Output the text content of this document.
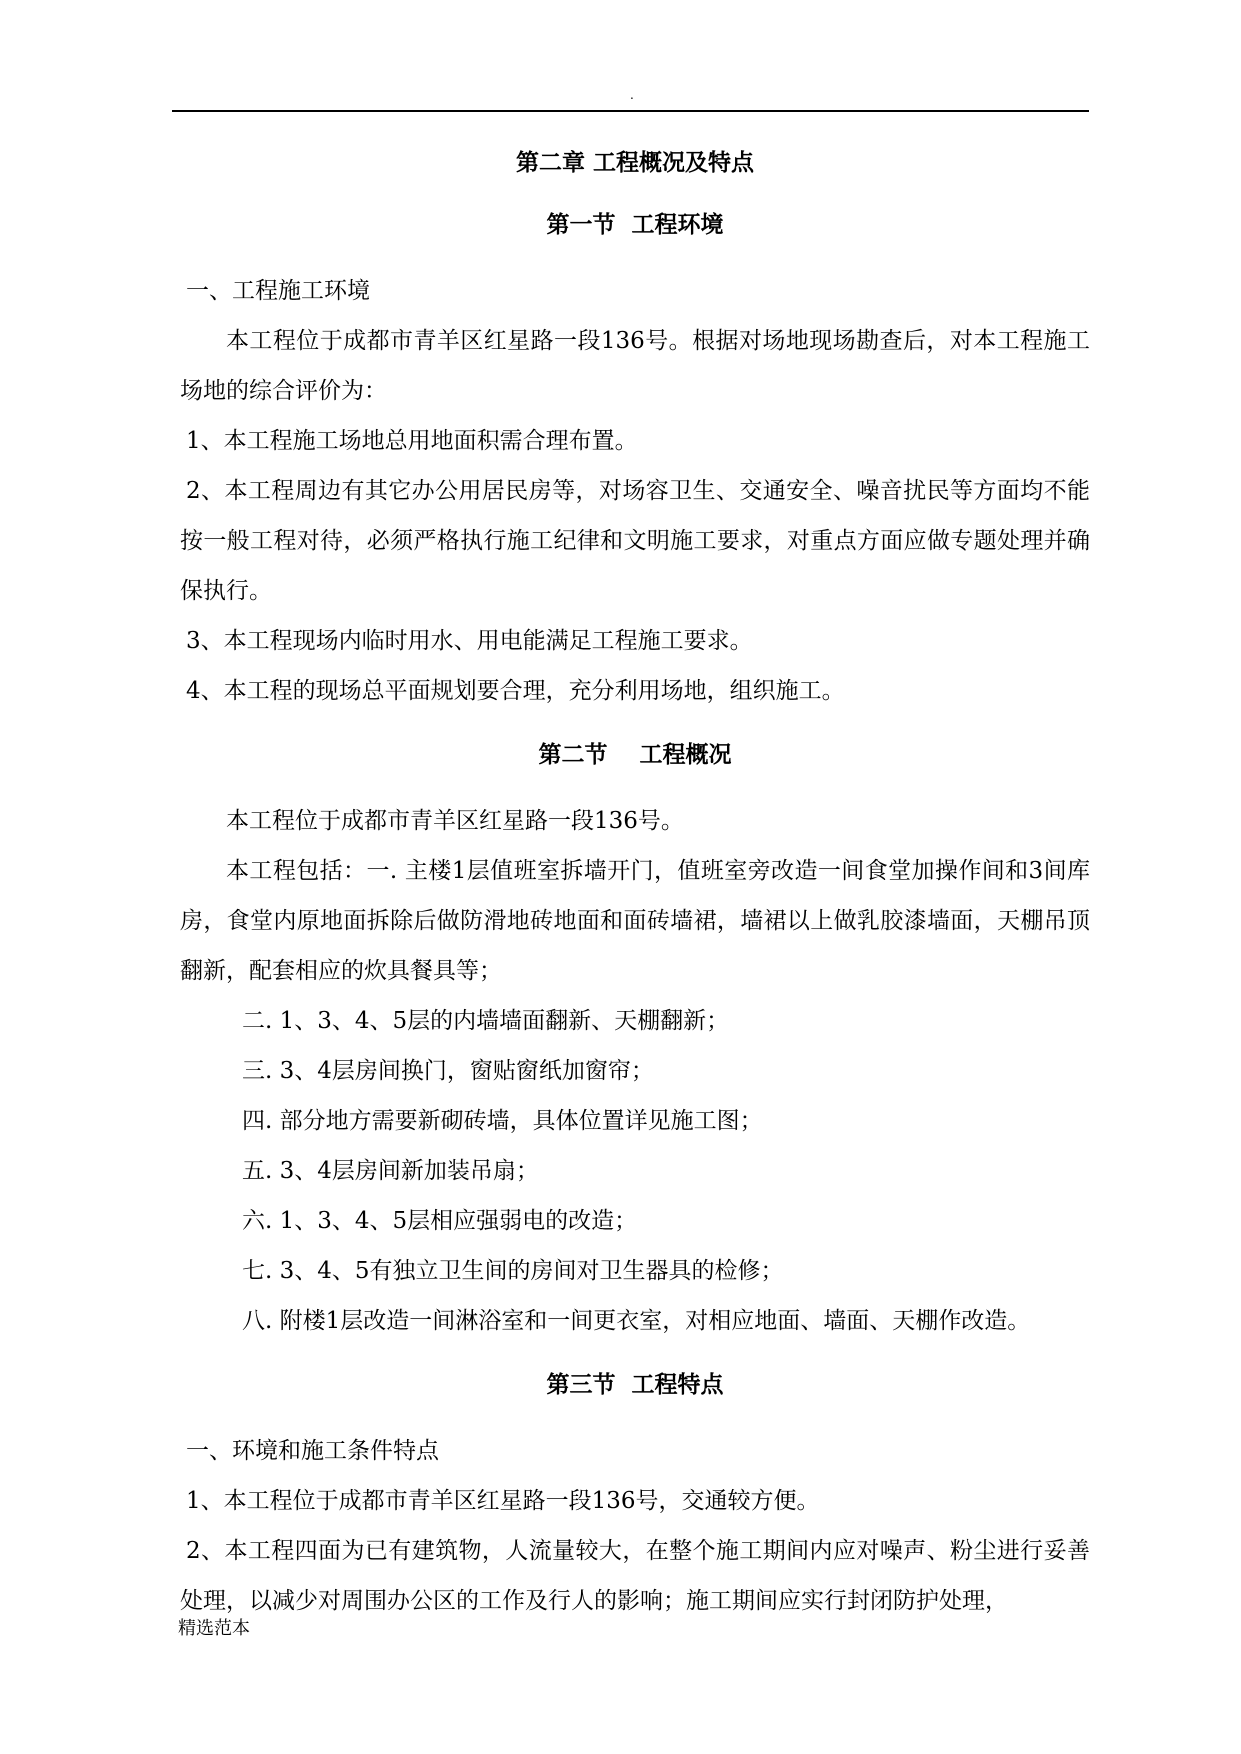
.
第二章 工程概况及特点
第一节  工程环境

一、工程施工环境

本工程位于成都市青羊区红星路一段136号。根据对场地现场勘查后，对本工程施工场地的综合评价为：

1、本工程施工场地总用地面积需合理布置。

2、本工程周边有其它办公用居民房等，对场容卫生、交通安全、噪音扰民等方面均不能按一般工程对待，必须严格执行施工纪律和文明施工要求，对重点方面应做专题处理并确保执行。

3、本工程现场内临时用水、用电能满足工程施工要求。

4、本工程的现场总平面规划要合理，充分利用场地，组织施工。

第二节    工程概况

本工程位于成都市青羊区红星路一段136号。

本工程包括：一. 主楼1层值班室拆墙开门，值班室旁改造一间食堂加操作间和3间库房，食堂内原地面拆除后做防滑地砖地面和面砖墙裙，墙裙以上做乳胶漆墙面，天棚吊顶翻新，配套相应的炊具餐具等；

二. 1、3、4、5层的内墙墙面翻新、天棚翻新；

三. 3、4层房间换门，窗贴窗纸加窗帘；

四. 部分地方需要新砌砖墙，具体位置详见施工图；

五. 3、4层房间新加装吊扇；

六. 1、3、4、5层相应强弱电的改造；

七. 3、4、5有独立卫生间的房间对卫生器具的检修；

八. 附楼1层改造一间淋浴室和一间更衣室，对相应地面、墙面、天棚作改造。

第三节  工程特点

一、环境和施工条件特点

1、本工程位于成都市青羊区红星路一段136号，交通较方便。

2、本工程四面为已有建筑物，人流量较大，在整个施工期间内应对噪声、粉尘进行妥善处理，以减少对周围办公区的工作及行人的影响；施工期间应实行封闭防护处理，

精选范本
